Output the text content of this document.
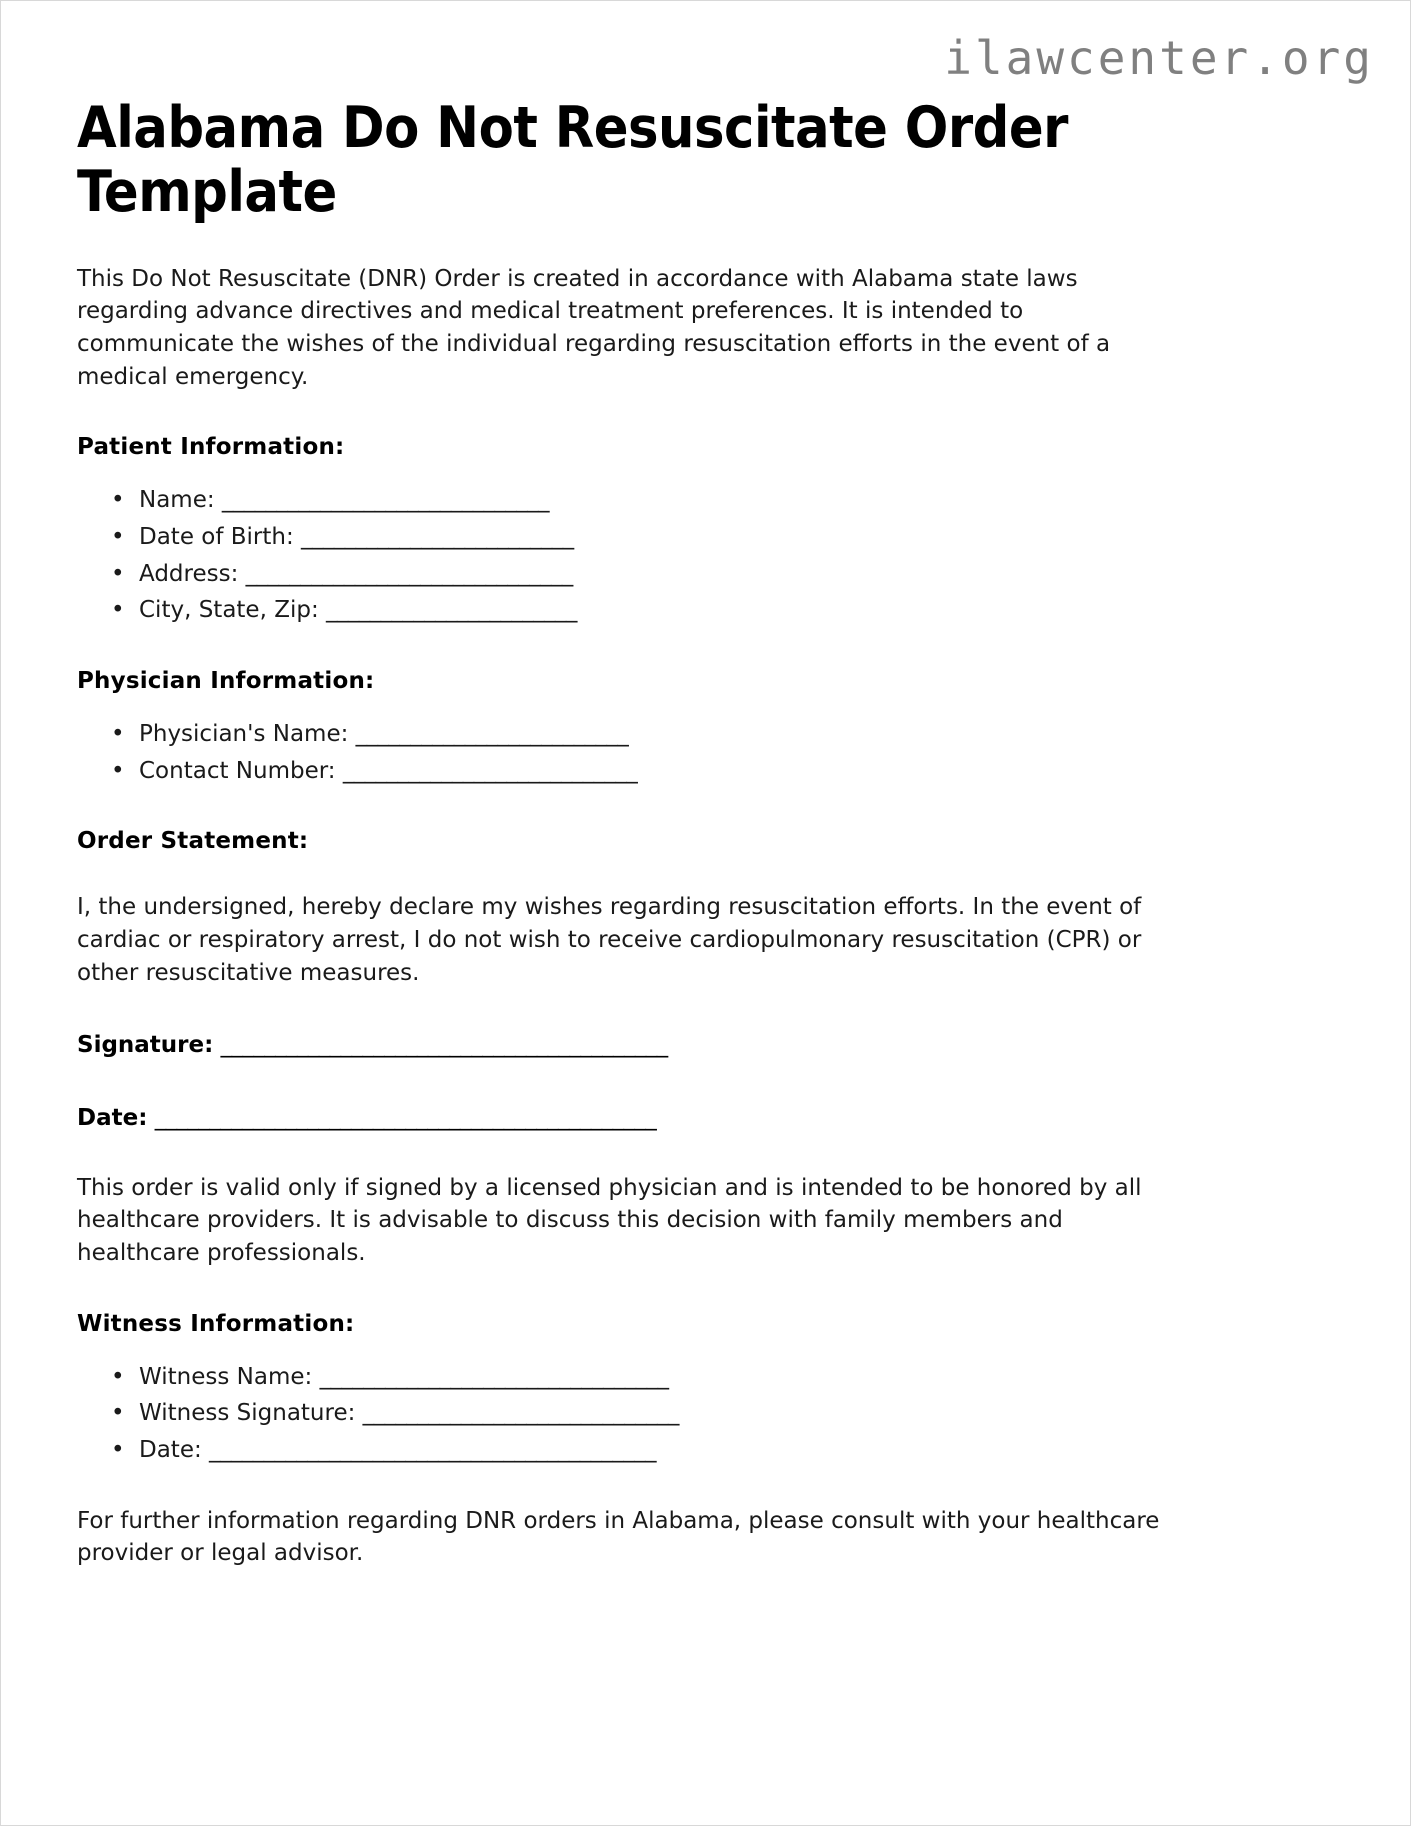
ilawcenter.org
Alabama Do Not Resuscitate Order Template

This Do Not Resuscitate (DNR) Order is created in accordance with Alabama state laws regarding advance directives and medical treatment preferences. It is intended to communicate the wishes of the individual regarding resuscitation efforts in the event of a medical emergency.

Patient Information:
• Name: ______________________________
• Date of Birth: _________________________
• Address: ______________________________
• City, State, Zip: _______________________
Physician Information:
• Physician's Name: _________________________
• Contact Number: ___________________________
Order Statement:

I, the undersigned, hereby declare my wishes regarding resuscitation efforts. In the event of cardiac or respiratory arrest, I do not wish to receive cardiopulmonary resuscitation (CPR) or other resuscitative measures.

Signature: _________________________________________
Date: ______________________________________________

This order is valid only if signed by a licensed physician and is intended to be honored by all healthcare providers. It is advisable to discuss this decision with family members and healthcare professionals.

Witness Information:
• Witness Name: ________________________________
• Witness Signature: _____________________________
• Date: _________________________________________

For further information regarding DNR orders in Alabama, please consult with your healthcare provider or legal advisor.
